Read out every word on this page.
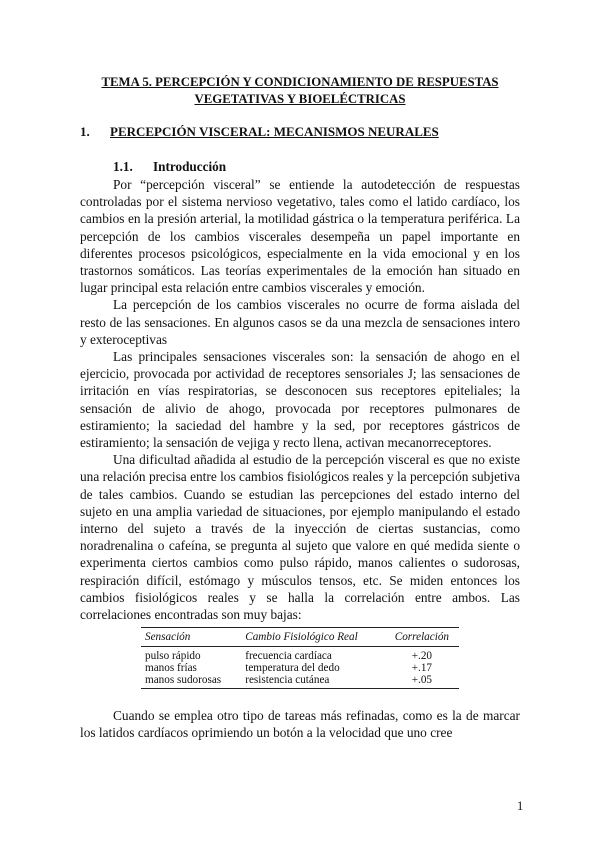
TEMA 5. PERCEPCIÓN Y CONDICIONAMIENTO DE RESPUESTAS
VEGETATIVAS Y BIOELÉCTRICAS
1.	PERCEPCIÓN VISCERAL: MECANISMOS NEURALES
1.1.	Introducción

Por “percepción visceral” se entiende la autodetección de respuestas controladas por el sistema nervioso vegetativo, tales como el latido cardíaco, los cambios en la presión arterial, la motilidad gástrica o la temperatura periférica. La percepción de los cambios viscerales desempeña un papel importante en diferentes procesos psicológicos, especialmente en la vida emocional y en los trastornos somáticos. Las teorías experimentales de la emoción han situado en lugar principal esta relación entre cambios viscerales y emoción.

La percepción de los cambios viscerales no ocurre de forma aislada del resto de las sensaciones. En algunos casos se da una mezcla de sensaciones intero y exteroceptivas

Las principales sensaciones viscerales son: la sensación de ahogo en el ejercicio, provocada por actividad de receptores sensoriales J; las sensaciones de irritación en vías respiratorias, se desconocen sus receptores epiteliales; la sensación de alivio de ahogo, provocada por receptores pulmonares de estiramiento; la saciedad del hambre y la sed, por receptores gástricos de estiramiento; la sensación de vejiga y recto llena, activan mecanorreceptores.

Una dificultad añadida al estudio de la percepción visceral es que no existe una relación precisa entre los cambios fisiológicos reales y la percepción subjetiva de tales cambios. Cuando se estudian las percepciones del estado interno del sujeto en una amplia variedad de situaciones, por ejemplo manipulando el estado interno del sujeto a través de la inyección de ciertas sustancias, como noradrenalina o cafeína, se pregunta al sujeto que valore en qué medida siente o experimenta ciertos cambios como pulso rápido, manos calientes o sudorosas, respiración difícil, estómago y músculos tensos, etc. Se miden entonces los cambios fisiológicos reales y se halla la correlación entre ambos. Las correlaciones encontradas son muy bajas:

Sensación	Cambio Fisiológico Real	Correlación
pulso rápido	frecuencia cardíaca	+.20
manos frías	temperatura del dedo	+.17
manos sudorosas	resistencia cutánea	+.05

Cuando se emplea otro tipo de tareas más refinadas, como es la de marcar los latidos cardíacos oprimiendo un botón a la velocidad que uno cree

1
